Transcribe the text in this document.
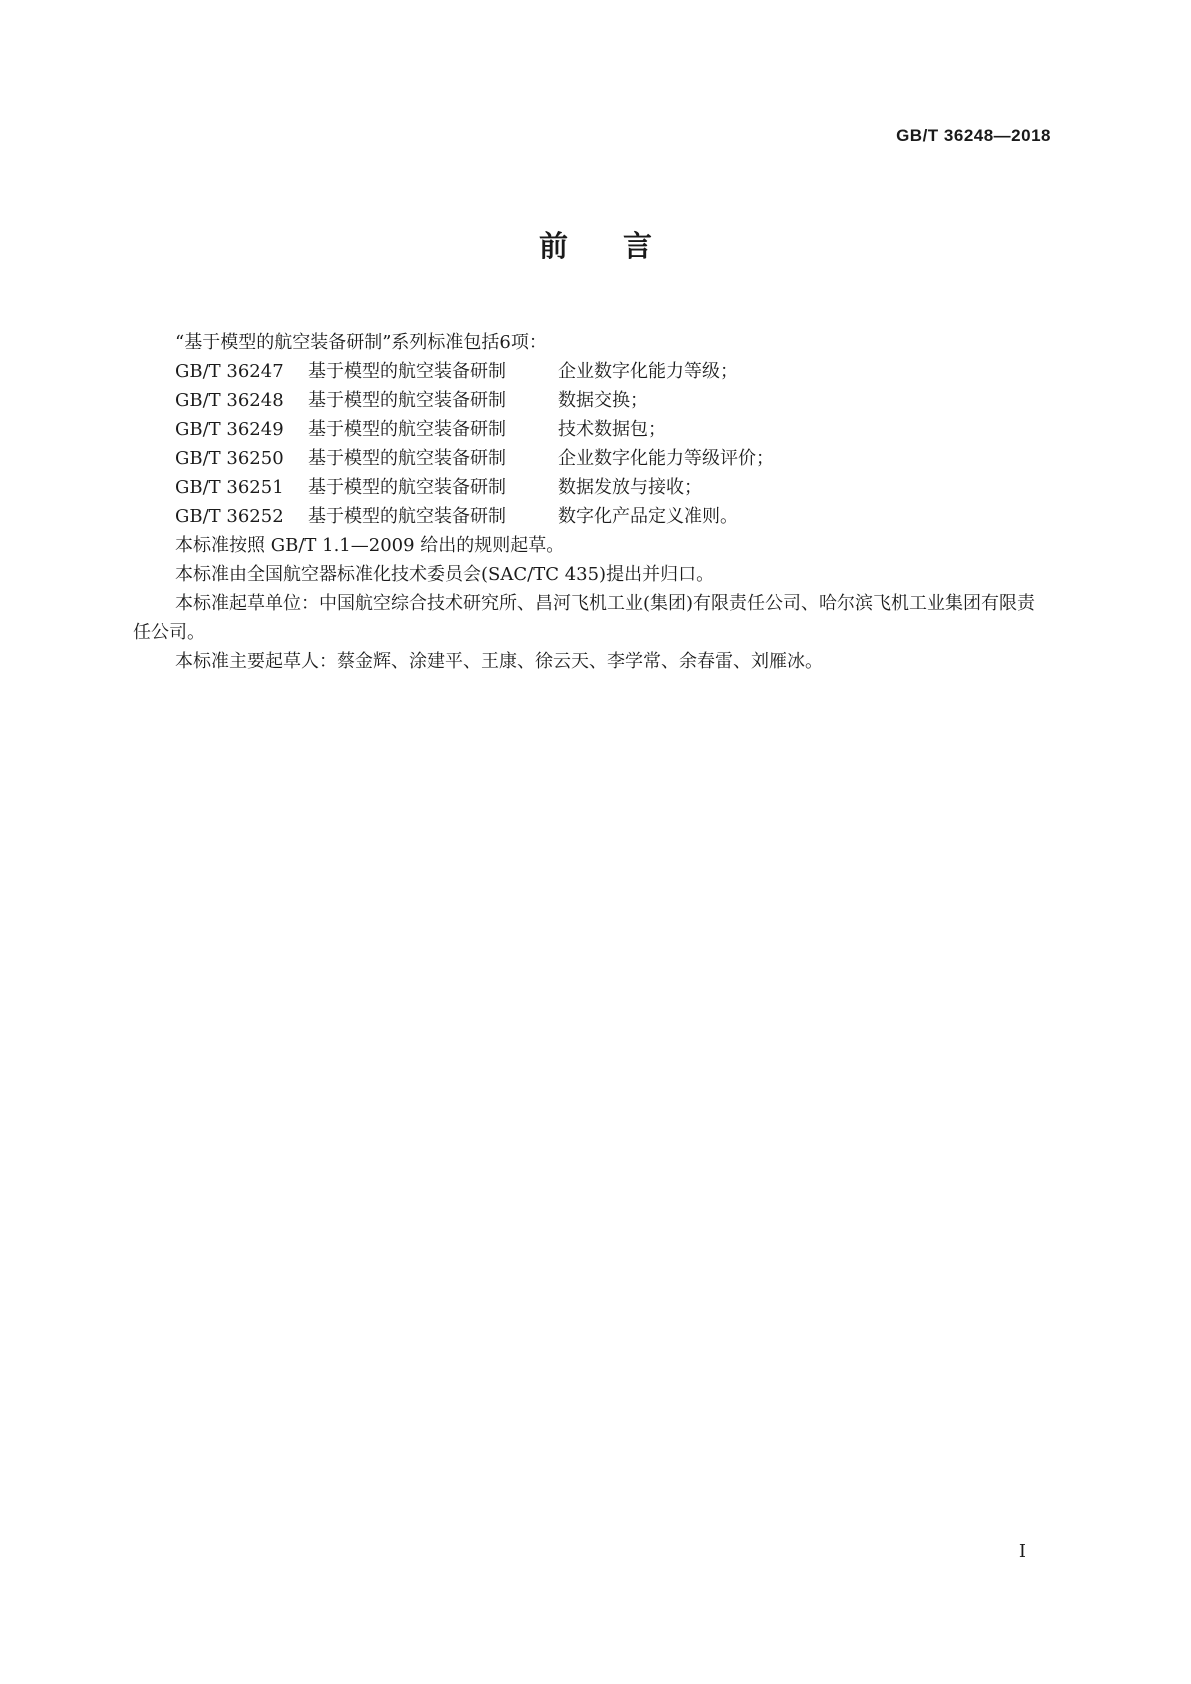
GB/T 36248—2018
前言

“基于模型的航空装备研制”系列标准包括6项：

GB/T 36247	基于模型的航空装备研制	企业数字化能力等级；
GB/T 36248	基于模型的航空装备研制	数据交换；
GB/T 36249	基于模型的航空装备研制	技术数据包；
GB/T 36250	基于模型的航空装备研制	企业数字化能力等级评价；
GB/T 36251	基于模型的航空装备研制	数据发放与接收；
GB/T 36252	基于模型的航空装备研制	数字化产品定义准则。

本标准按照 GB/T 1.1—2009 给出的规则起草。

本标准由全国航空器标准化技术委员会(SAC/TC 435)提出并归口。

本标准起草单位：中国航空综合技术研究所、昌河飞机工业(集团)有限责任公司、哈尔滨飞机工业集团有限责任公司。

本标准主要起草人：蔡金辉、涂建平、王康、徐云天、李学常、余春雷、刘雁冰。

I
